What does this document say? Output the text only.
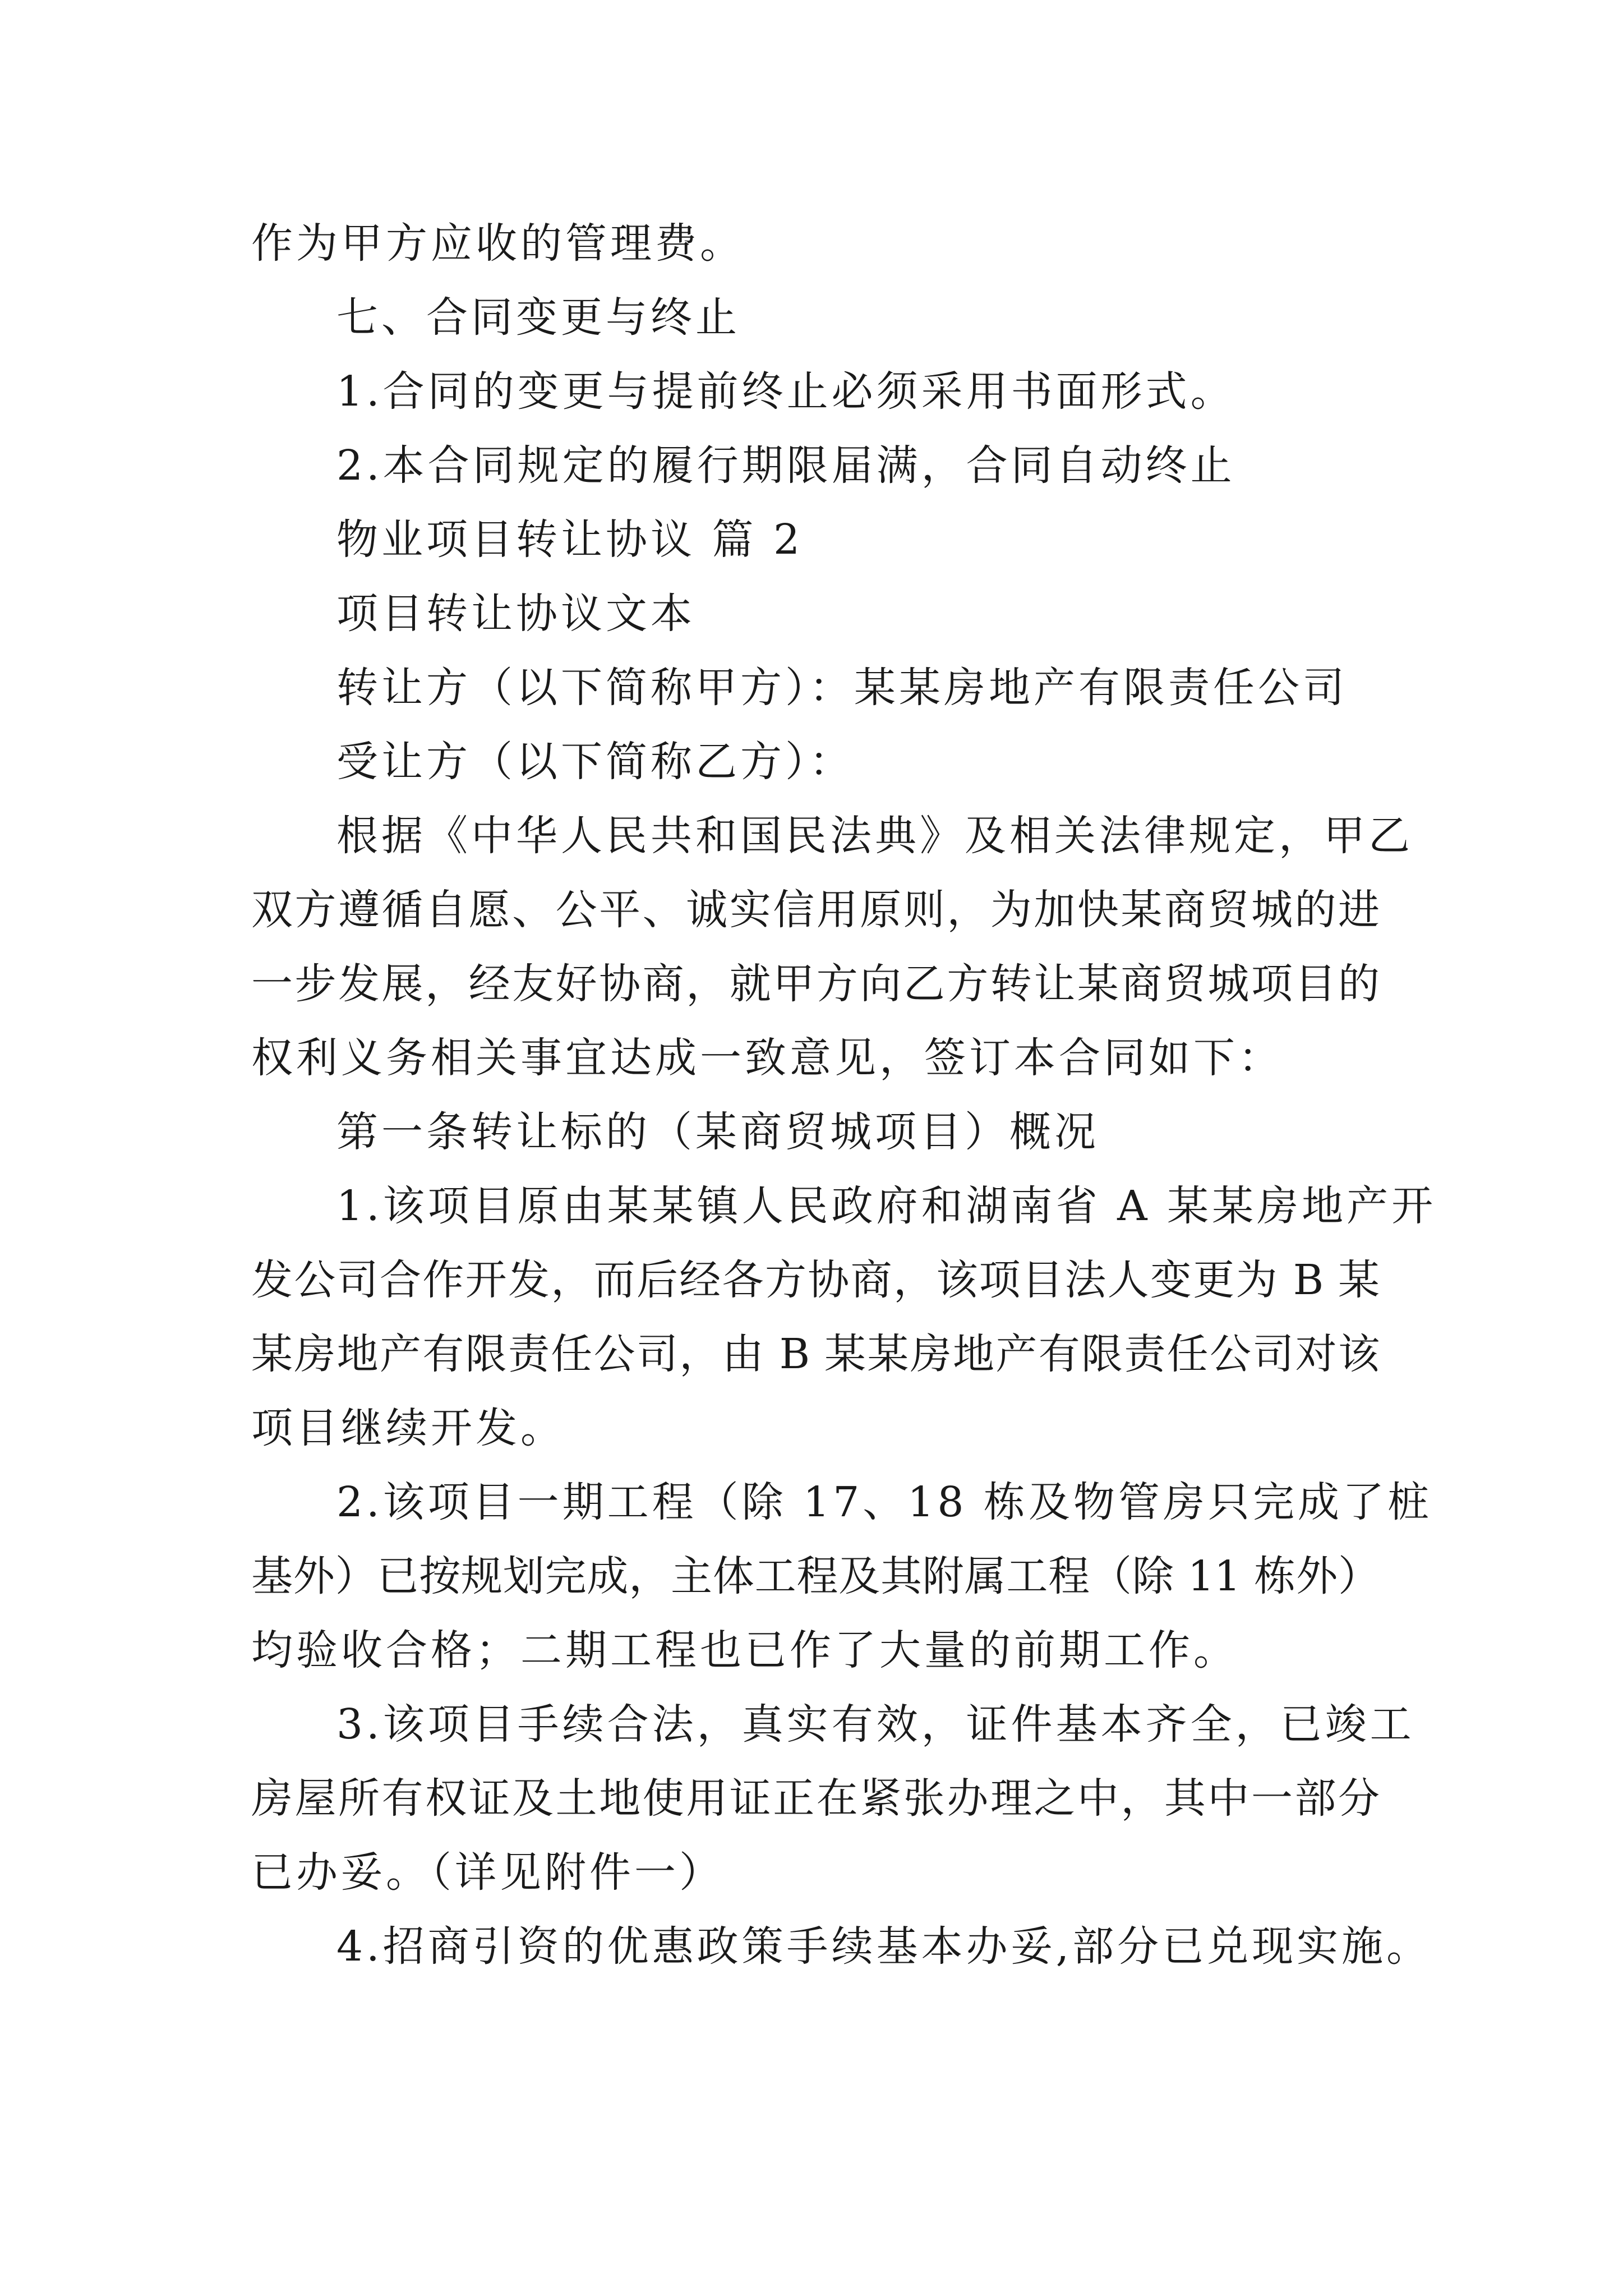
作为甲方应收的管理费。
七、合同变更与终止
1.合同的变更与提前终止必须采用书面形式。
2.本合同规定的履行期限届满，合同自动终止
物业项目转让协议 篇 2
项目转让协议文本
转让方（以下简称甲方）：某某房地产有限责任公司
受让方（以下简称乙方）：
根据《中华人民共和国民法典》及相关法律规定，甲乙
双方遵循自愿、公平、诚实信用原则，为加快某商贸城的进
一步发展，经友好协商，就甲方向乙方转让某商贸城项目的
权利义务相关事宜达成一致意见，签订本合同如下：
第一条转让标的（某商贸城项目）概况
1.该项目原由某某镇人民政府和湖南省 A 某某房地产开
发公司合作开发，而后经各方协商，该项目法人变更为 B 某
某房地产有限责任公司，由 B 某某房地产有限责任公司对该
项目继续开发。
2.该项目一期工程（除 17、18 栋及物管房只完成了桩
基外）已按规划完成，主体工程及其附属工程（除 11 栋外）
均验收合格；二期工程也已作了大量的前期工作。
3.该项目手续合法，真实有效，证件基本齐全，已竣工
房屋所有权证及土地使用证正在紧张办理之中，其中一部分
已办妥。（详见附件一）
4.招商引资的优惠政策手续基本办妥,部分已兑现实施。
